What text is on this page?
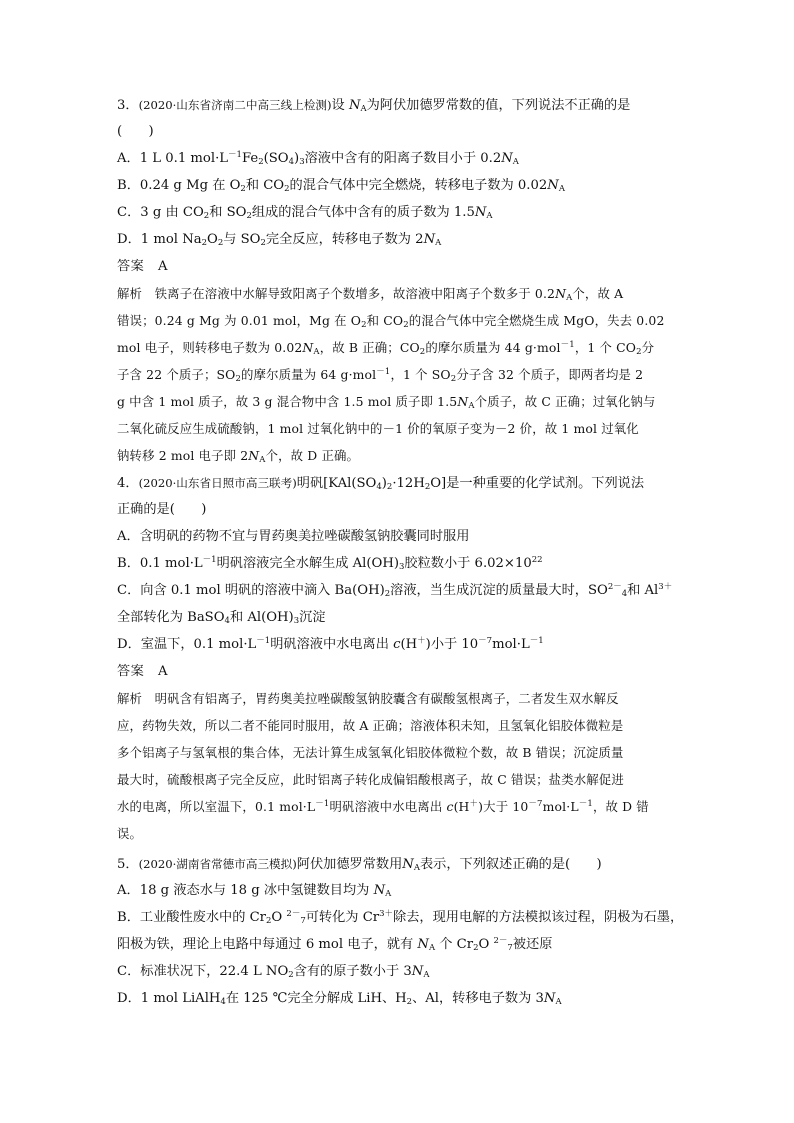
3．(2020·山东省济南二中高三线上检测)设 $N_A$为阿伏加德罗常数的值，下列说法不正确的是
(　　)
A．1 L 0.1 $mol\cdot L^{-1}Fe_2(SO_4)_3$溶液中含有的阳离子数目小于 $0.2N_A$
B．0.24 g Mg 在 $O_2$和 $CO_2$的混合气体中完全燃烧，转移电子数为 $0.02N_A$
C．3 g 由 $CO_2$和 $SO_2$组成的混合气体中含有的质子数为 $1.5N_A$
D．1 mol $Na_2O_2$与 $SO_2$完全反应，转移电子数为 $2N_A$
答案　A
解析　铁离子在溶液中水解导致阳离子个数增多，故溶液中阳离子个数多于 $0.2N_A$个，故 A
错误；0.24 g Mg 为 0.01 mol，Mg 在 $O_2$和 $CO_2$的混合气体中完全燃烧生成 MgO，失去 0.02
mol 电子，则转移电子数为 $0.02N_A$，故 B 正确；$CO_2$的摩尔质量为 44 g·mol$^{-1}$，1 个 $CO_2$分
子含 22 个质子；$SO_2$的摩尔质量为 64 g·mol$^{-1}$，1 个 $SO_2$分子含 32 个质子，即两者均是 2
g 中含 1 mol 质子，故 3 g 混合物中含 1.5 mol 质子即 $1.5N_A$个质子，故 C 正确；过氧化钠与
二氧化硫反应生成硫酸钠，1 mol 过氧化钠中的－1 价的氧原子变为－2 价，故 1 mol 过氧化
钠转移 2 mol 电子即 $2N_A$个，故 D 正确。
4．(2020·山东省日照市高三联考)明矾$[KAl(SO_4)_2\cdot 12H_2O]$是一种重要的化学试剂。下列说法
正确的是(　　)
A．含明矾的药物不宜与胃药奥美拉唑碳酸氢钠胶囊同时服用
B．0.1 $mol\cdot L^{-1}$明矾溶液完全水解生成 $Al(OH)_3$胶粒数小于 $6.02\times 10^{22}$
C．向含 0.1 mol 明矾的溶液中滴入 $Ba(OH)_2$溶液，当生成沉淀的质量最大时，$SO^{2-}_4$和 $Al^{3+}$
全部转化为 BaSO$_4$和 $Al(OH)_3$沉淀
D．室温下，0.1 $mol\cdot L^{-1}$明矾溶液中水电离出 c(H＋)小于 $10^{-7}mol\cdot L^{-1}$
答案　A
解析　明矾含有铝离子，胃药奥美拉唑碳酸氢钠胶囊含有碳酸氢根离子，二者发生双水解反
应，药物失效，所以二者不能同时服用，故 A 正确；溶液体积未知，且氢氧化铝胶体微粒是
多个铝离子与氢氧根的集合体，无法计算生成氢氧化铝胶体微粒个数，故 B 错误；沉淀质量
最大时，硫酸根离子完全反应，此时铝离子转化成偏铝酸根离子，故 C 错误；盐类水解促进
水的电离，所以室温下，0.1 $mol\cdot L^{-1}$明矾溶液中水电离出 c(H＋)大于 $10^{-7}mol\cdot L^{-1}$，故 D 错
误。
5．(2020·湖南省常德市高三模拟)阿伏加德罗常数用$N_A$表示，下列叙述正确的是(　　)
A．18 g 液态水与 18 g 冰中氢键数目均为 $N_A$
B．工业酸性废水中的 $Cr_2O$ $^{2-}_7$可转化为 $Cr^{3+}$除去，现用电解的方法模拟该过程，阴极为石墨，
阳极为铁，理论上电路中每通过 6 mol 电子，就有 $N_A$ 个 $Cr_2O$ $^{2-}_7$被还原
C．标准状况下，22.4 L $NO_2$含有的原子数小于 $3N_A$
D．1 mol LiAlH$_4$在 125 ℃完全分解成 LiH、$H_2$、Al，转移电子数为 $3N_A$
